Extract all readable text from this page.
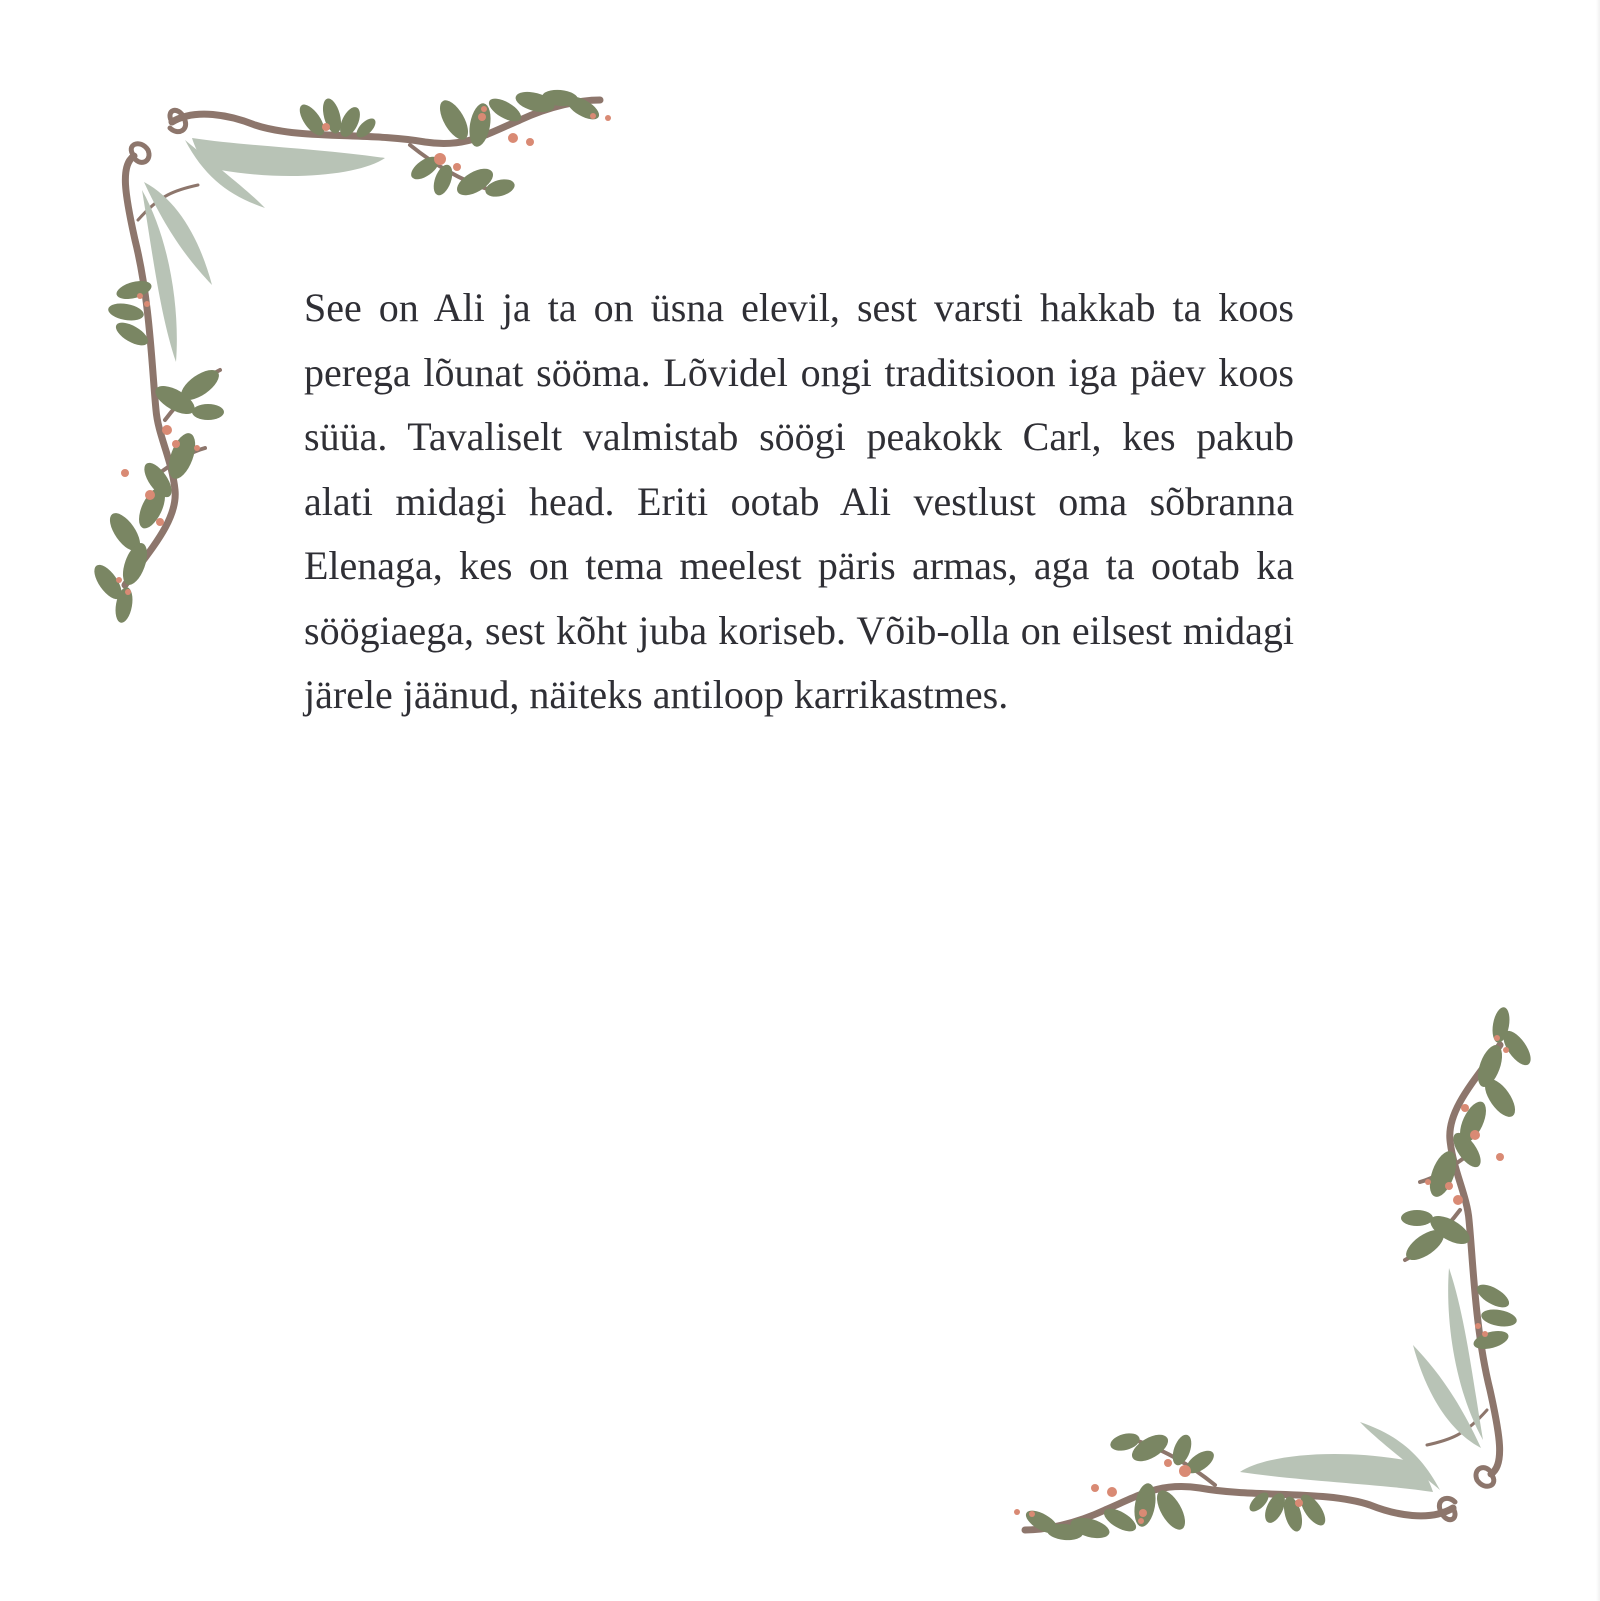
See on Ali ja ta on üsna elevil, sest varsti hakkab ta koos perega lõunat sööma. Lõvidel ongi traditsioon iga päev koos süüa. Tavaliselt valmistab söögi peakokk Carl, kes pakub alati midagi head. Eriti ootab Ali vestlust oma sõbranna Elenaga, kes on tema meelest päris armas, aga ta ootab ka söögiaega, sest kõht juba koriseb. Võib-olla on eilsest midagi järele jäänud, näiteks antiloop karrikastmes.
